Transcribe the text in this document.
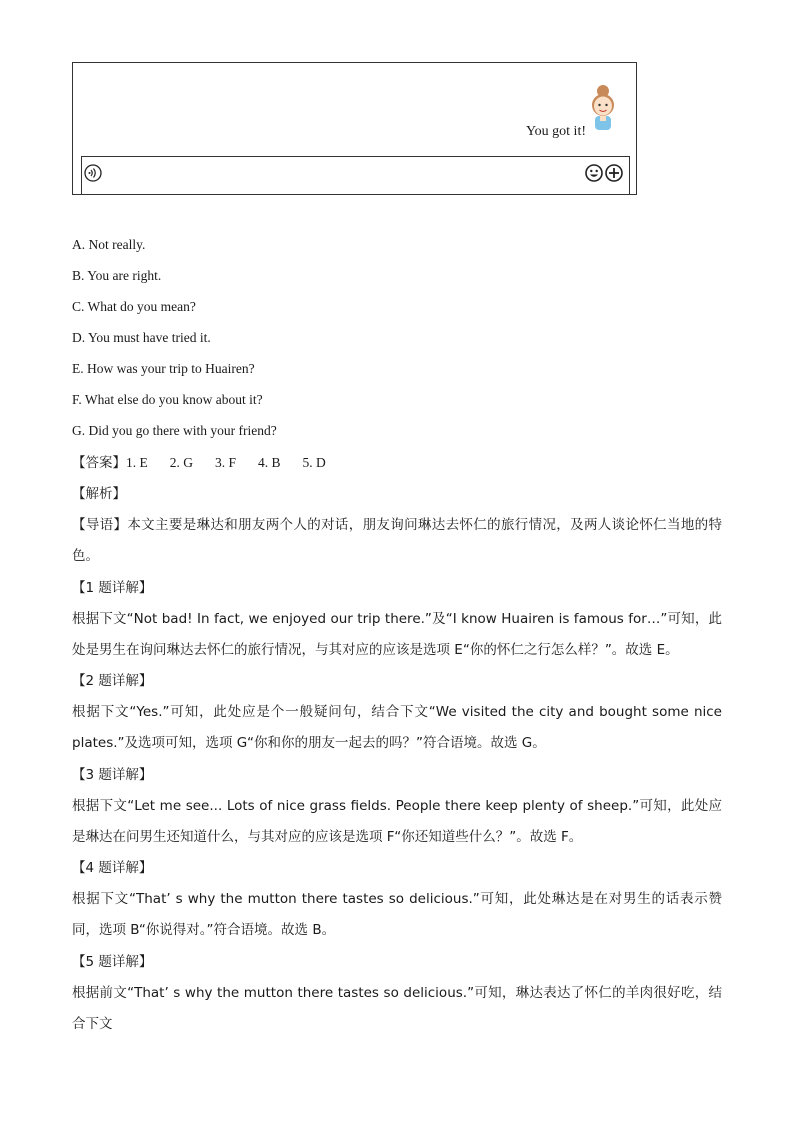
You got it!
A. Not really.
B. You are right.
C. What do you mean?
D. You must have tried it.
E. How was your trip to Huairen?
F. What else do you know about it?
G. Did you go there with your friend?
【答案】1. E 2. G 3. F 4. B 5. D
【解析】
【导语】本文主要是琳达和朋友两个人的对话，朋友询问琳达去怀仁的旅行情况，及两人谈论怀仁当地的特色。
【1 题详解】
根据下文“Not bad! In fact, we enjoyed our trip there.”及“I know Huairen is famous for…”可知，此处是男生在询问琳达去怀仁的旅行情况，与其对应的应该是选项 E“你的怀仁之行怎么样？”。故选 E。
【2 题详解】
根据下文“Yes.”可知，此处应是个一般疑问句，结合下文“We visited the city and bought some nice plates.”及选项可知，选项 G“你和你的朋友一起去的吗？”符合语境。故选 G。
【3 题详解】
根据下文“Let me see... Lots of nice grass fields. People there keep plenty of sheep.”可知，此处应是琳达在问男生还知道什么，与其对应的应该是选项 F“你还知道些什么？”。故选 F。
【4 题详解】
根据下文“That’ s why the mutton there tastes so delicious.”可知，此处琳达是在对男生的话表示赞同，选项 B“你说得对。”符合语境。故选 B。
【5 题详解】
根据前文“That’ s why the mutton there tastes so delicious.”可知，琳达表达了怀仁的羊肉很好吃，结合下文
